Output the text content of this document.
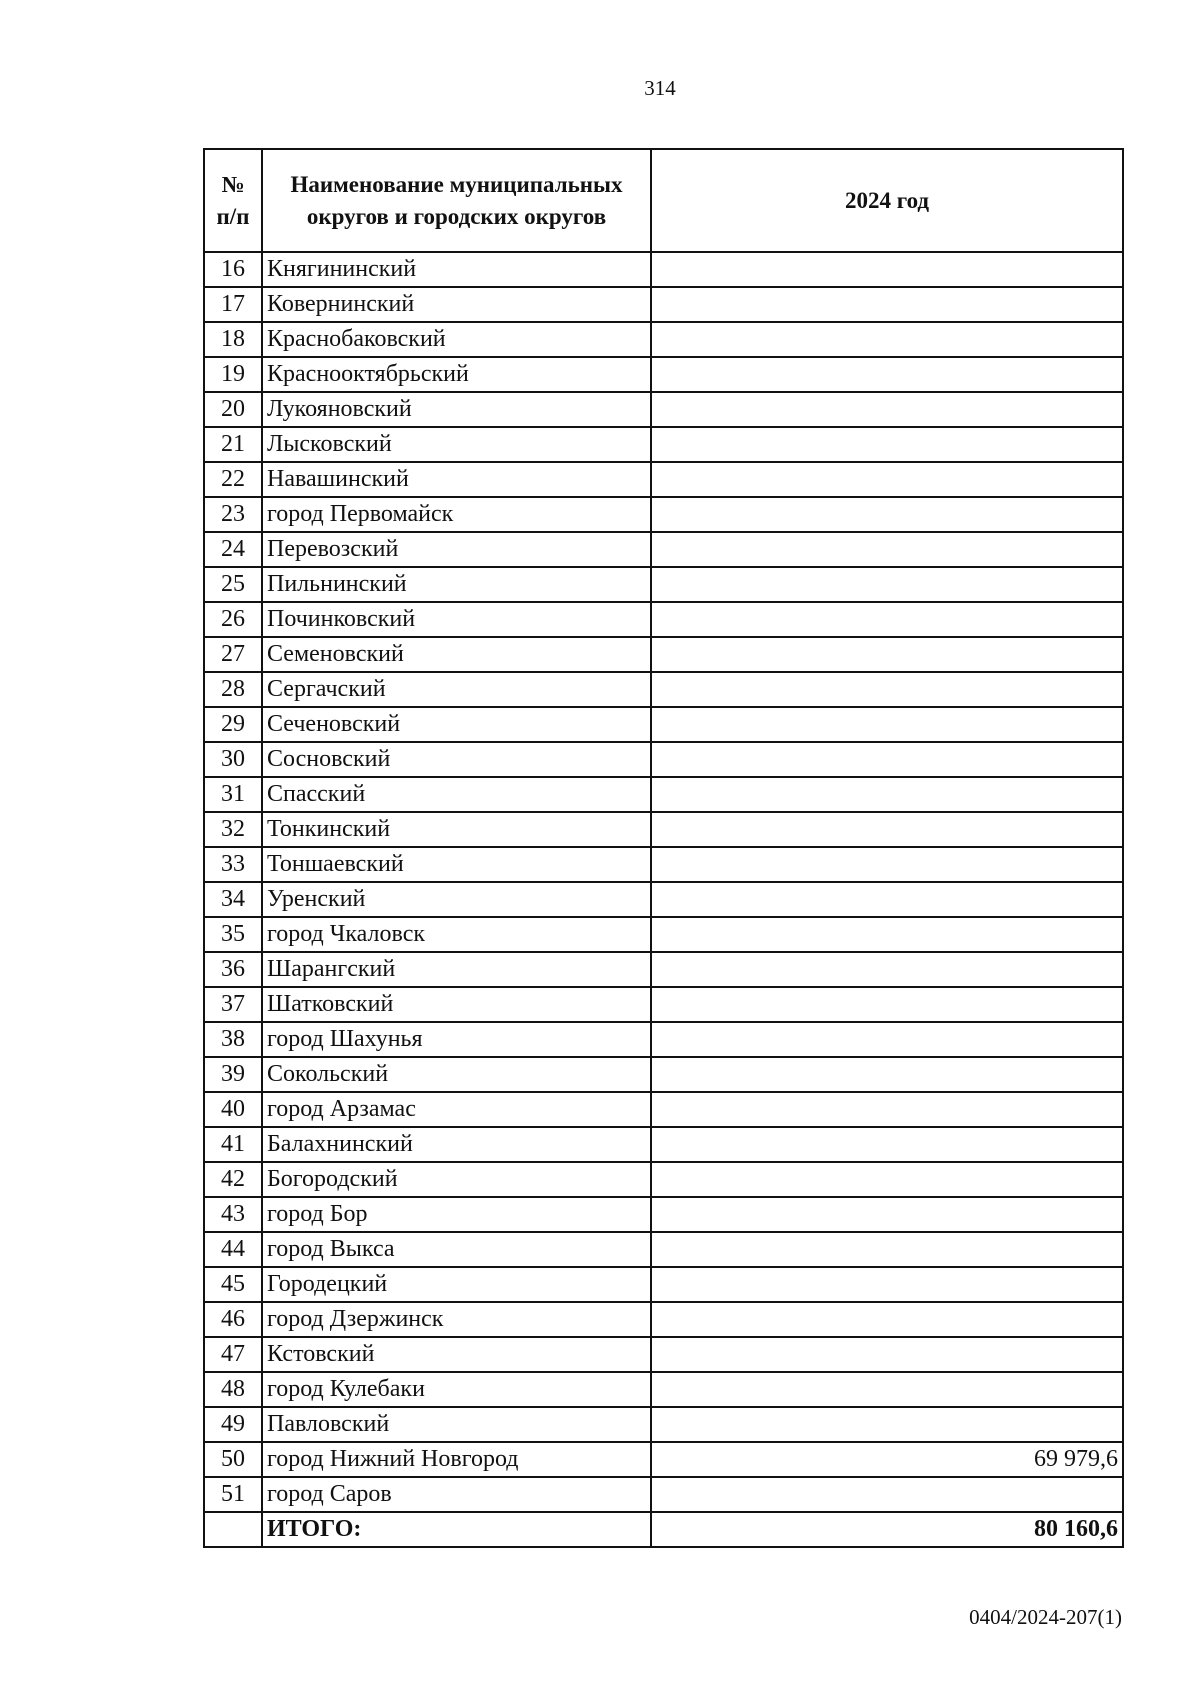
314
№ п/п	Наименование муниципальных округов и городских округов	2024 год
16	Княгининский	
17	Ковернинский	
18	Краснобаковский	
19	Краснооктябрьский	
20	Лукояновский	
21	Лысковский	
22	Навашинский	
23	город Первомайск	
24	Перевозский	
25	Пильнинский	
26	Починковский	
27	Семеновский	
28	Сергачский	
29	Сеченовский	
30	Сосновский	
31	Спасский	
32	Тонкинский	
33	Тоншаевский	
34	Уренский	
35	город Чкаловск	
36	Шарангский	
37	Шатковский	
38	город Шахунья	
39	Сокольский	
40	город Арзамас	
41	Балахнинский	
42	Богородский	
43	город Бор	
44	город Выкса	
45	Городецкий	
46	город Дзержинск	
47	Кстовский	
48	город Кулебаки	
49	Павловский	
50	город Нижний Новгород	69 979,6
51	город Саров	
	ИТОГО:	80 160,6
0404/2024-207(1)
